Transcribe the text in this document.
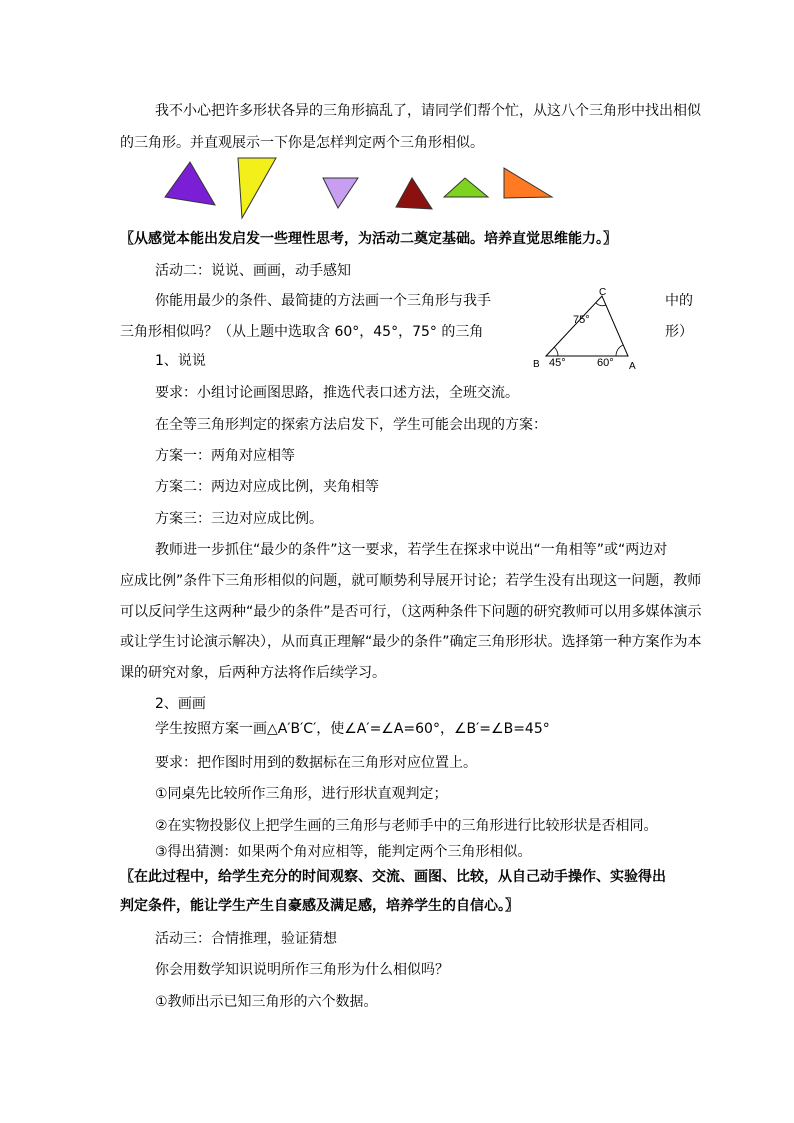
我不小心把许多形状各异的三角形搞乱了，请同学们帮个忙，从这八个三角形中找出相似
的三角形。并直观展示一下你是怎样判定两个三角形相似。
〖从感觉本能出发启发一些理性思考，为活动二奠定基础。培养直觉思维能力。〗
活动二：说说、画画，动手感知
你能用最少的条件、最简捷的方法画一个三角形与我手	中的
三角形相似吗？（从上题中选取含 60°，45°，75° 的三角	形）
C
B	A
75°
45°	60°
1、说说
要求：小组讨论画图思路，推选代表口述方法，全班交流。
在全等三角形判定的探索方法启发下，学生可能会出现的方案：
方案一：两角对应相等
方案二：两边对应成比例，夹角相等
方案三：三边对应成比例。
教师进一步抓住“最少的条件”这一要求，若学生在探求中说出“一角相等”或“两边对
应成比例”条件下三角形相似的问题，就可顺势利导展开讨论；若学生没有出现这一问题，教师
可以反问学生这两种“最少的条件”是否可行，（这两种条件下问题的研究教师可以用多媒体演示
或让学生讨论演示解决），从而真正理解“最少的条件”确定三角形形状。选择第一种方案作为本
课的研究对象，后两种方法将作后续学习。
2、画画
学生按照方案一画△A′B′C′，使∠A′=∠A=60°，∠B′=∠B=45°
要求：把作图时用到的数据标在三角形对应位置上。
①同桌先比较所作三角形，进行形状直观判定；
②在实物投影仪上把学生画的三角形与老师手中的三角形进行比较形状是否相同。
③得出猜测：如果两个角对应相等，能判定两个三角形相似。
〖在此过程中，给学生充分的时间观察、交流、画图、比较，从自己动手操作、实验得出
判定条件，能让学生产生自豪感及满足感，培养学生的自信心。〗
活动三：合情推理，验证猜想
你会用数学知识说明所作三角形为什么相似吗？
①教师出示已知三角形的六个数据。
